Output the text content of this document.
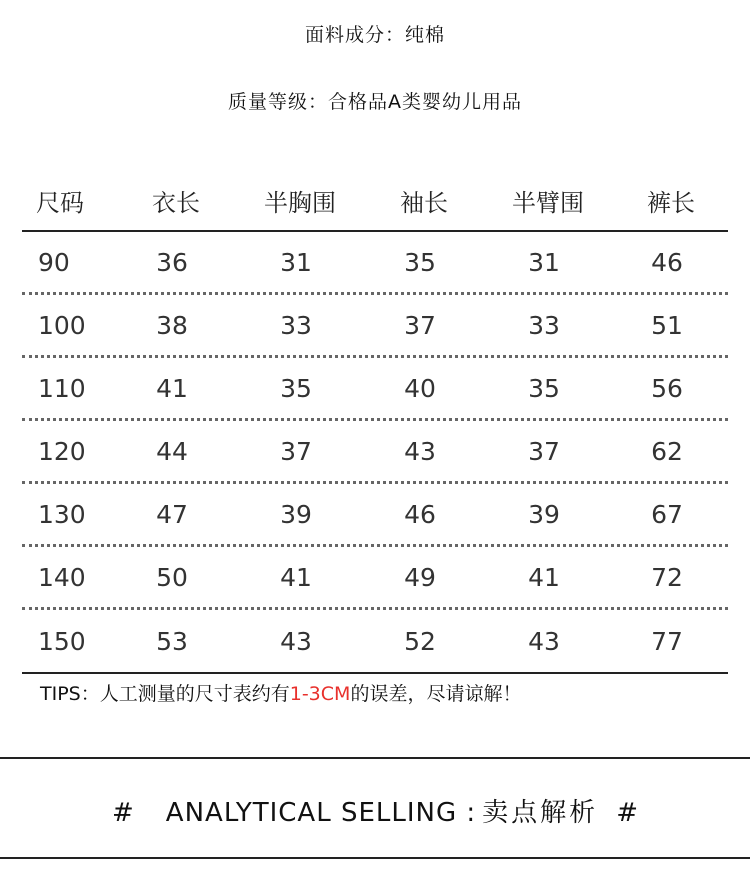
面料成分：纯棉
质量等级：合格品A类婴幼儿用品
尺码	衣长	半胸围	袖长	半臂围	裤长
90	36	31	35	31	46
100	38	33	37	33	51
110	41	35	40	35	56
120	44	37	43	37	62
130	47	39	46	39	67
140	50	41	49	41	72
150	53	43	52	43	77
TIPS：人工测量的尺寸表约有1-3CM的误差，尽请谅解！
# ANALYTICAL SELLING : 卖点解析 #
